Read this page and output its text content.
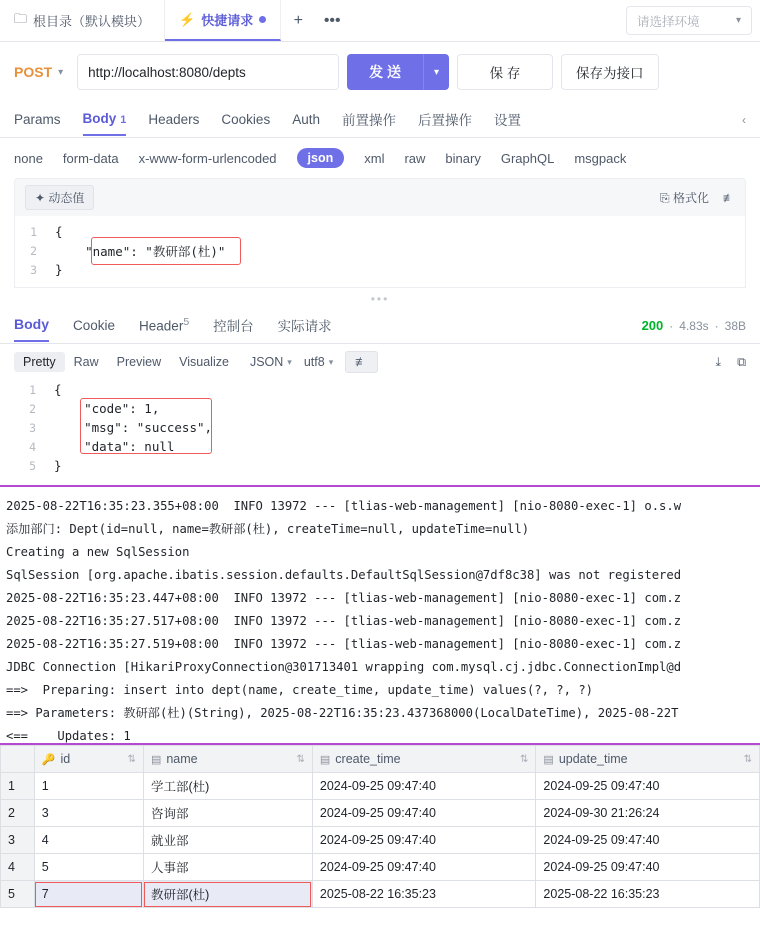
🗀 根目录（默认模块） ⚡ 快捷请求	+	•••	请选择环境	▾
POST ▾
http://localhost:8080/depts	发 送	▾	保 存	保存为接口
Params Body 1 Headers Cookies Auth 前置操作 后置操作 设置	‹
none form-data x-www-form-urlencoded	json	xml raw binary GraphQL msgpack
✦ 动态值	⎘ 格式化 ≢
1	{
2	"name": "教研部(杜)"
3	}
•••
Body Cookie Header$^5$ 控制台 实际请求	200 · 4.83s · 38B
Pretty	Raw	Preview	Visualize	JSON ▾ utf8 ▾	≢	⤓ ⧉
1	{
2	"code": 1,
3	"msg": "success",
4	"data": null
5	}
2025-08-22T16:35:23.355+08:00  INFO 13972 --- [tlias-web-management] [nio-8080-exec-1] o.s.w
添加部门: Dept(id=null, name=教研部(杜), createTime=null, updateTime=null)
Creating a new SqlSession
SqlSession [org.apache.ibatis.session.defaults.DefaultSqlSession@7df8c38] was not registered
2025-08-22T16:35:23.447+08:00  INFO 13972 --- [tlias-web-management] [nio-8080-exec-1] com.z
2025-08-22T16:35:27.517+08:00  INFO 13972 --- [tlias-web-management] [nio-8080-exec-1] com.z
2025-08-22T16:35:27.519+08:00  INFO 13972 --- [tlias-web-management] [nio-8080-exec-1] com.z
JDBC Connection [HikariProxyConnection@301713401 wrapping com.mysql.cj.jdbc.ConnectionImpl@d
==>  Preparing: insert into dept(name, create_time, update_time) values(?, ?, ?)
==> Parameters: 教研部(杜)(String), 2025-08-22T16:35:23.437368000(LocalDateTime), 2025-08-22T
<==    Updates: 1

	🔑 id ⇅	▤ name ⇅	▤ create_time ⇅	▤ update_time ⇅

1	1	学工部(杜)	2024-09-25 09:47:40	2024-09-25 09:47:40
2	3	咨询部	2024-09-25 09:47:40	2024-09-30 21:26:24
3	4	就业部	2024-09-25 09:47:40	2024-09-25 09:47:40
4	5	人事部	2024-09-25 09:47:40	2024-09-25 09:47:40
5	7	教研部(杜)	2025-08-22 16:35:23	2025-08-22 16:35:23
